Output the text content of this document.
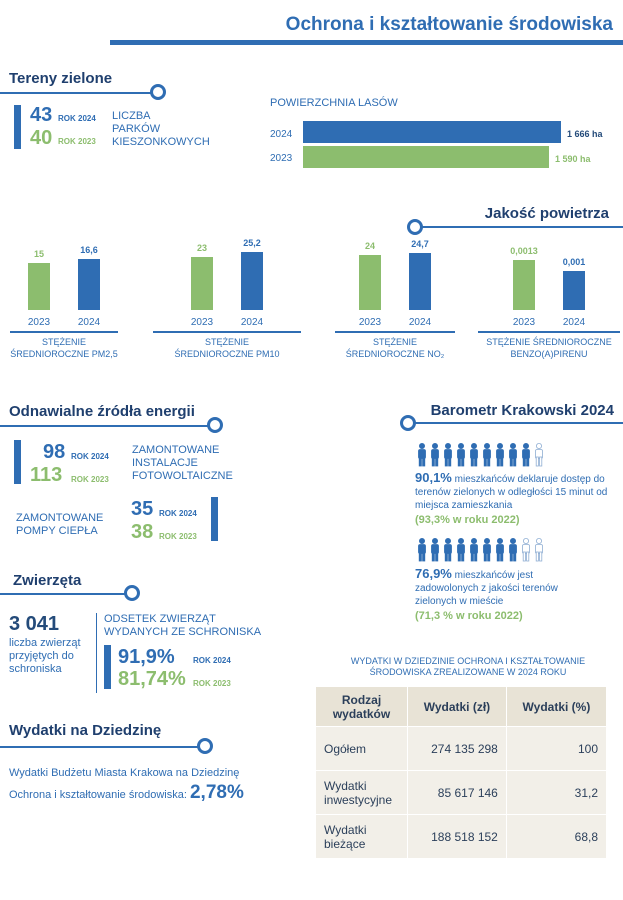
Ochrona i kształtowanie środowiska
Tereny zielone
43 ROK 2024
40 ROK 2023
LICZBA
PARKÓW
KIESZONKOWYCH
POWIERZCHNIA LASÓW
2024	1 666 ha
2023	1 590 ha
Jakość powietrza
15
2023
16,6
2024
STĘŻENIE
ŚREDNIOROCZNE PM2,5
23
2023
25,2
2024
STĘŻENIE
ŚREDNIOROCZNE PM10
24
2023
24,7
2024
STĘŻENIE
ŚREDNIOROCZNE NO₂
0,0013
2023
0,001
2024
STĘŻENIE ŚREDNIOROCZNE
BENZO(A)PIRENU
Odnawialne źródła energii
98 ROK 2024
113 ROK 2023
ZAMONTOWANE
INSTALACJE
FOTOWOLTAICZNE
ZAMONTOWANE
POMPY CIEPŁA
35 ROK 2024
38 ROK 2023
Barometr Krakowski 2024
90,1% mieszkańców deklaruje dostęp do terenów zielonych w odległości 15 minut od miejsca zamieszkania
(93,3% w roku 2022)
76,9% mieszkańców jest zadowolonych z jakości terenów zielonych w mieście
(71,3 % w roku 2022)
Zwierzęta
3 041
liczba zwierząt
przyjętych do
schroniska
ODSETEK ZWIERZĄT
WYDANYCH ZE SCHRONISKA
91,9% ROK 2024
81,74% ROK 2023
Wydatki na Dziedzinę
Wydatki Budżetu Miasta Krakowa na Dziedzinę
Ochrona i kształtowanie środowiska: 2,78%
WYDATKI W DZIEDZINIE OCHRONA I KSZTAŁTOWANIE
ŚRODOWISKA ZREALIZOWANE W 2024 ROKU
Rodzaj wydatków	Wydatki (zł)	Wydatki (%)
Ogółem	274 135 298	100
Wydatki inwestycyjne	85 617 146	31,2
Wydatki bieżące	188 518 152	68,8
